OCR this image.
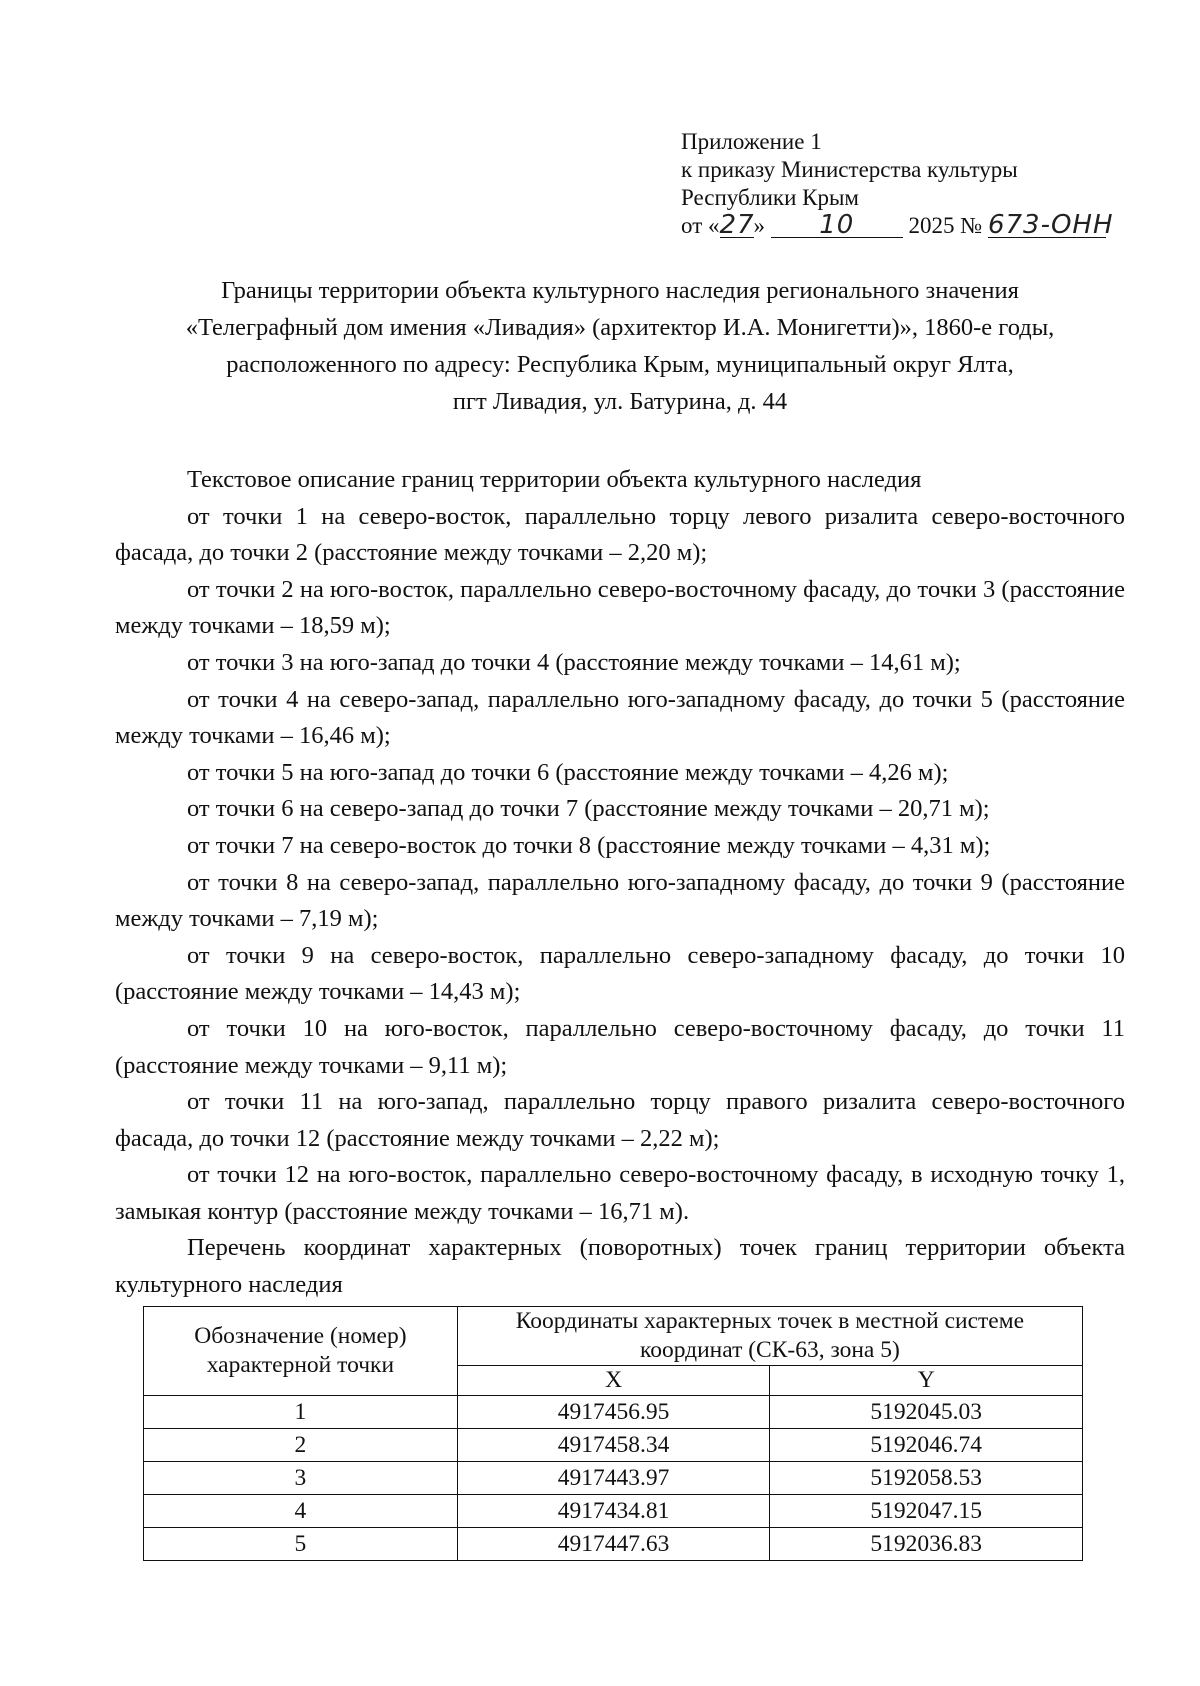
Приложение 1
к приказу Министерства культуры
Республики Крым
от «27» 10 2025 № 673-ОНН
Границы территории объекта культурного наследия регионального значения
«Телеграфный дом имения «Ливадия» (архитектор И.А. Монигетти)», 1860-е годы,
расположенного по адресу: Республика Крым, муниципальный округ Ялта,
пгт Ливадия, ул. Батурина, д. 44

Текстовое описание границ территории объекта культурного наследия

от точки 1 на северо-восток, параллельно торцу левого ризалита северо-восточного фасада, до точки 2 (расстояние между точками – 2,20 м);

от точки 2 на юго-восток, параллельно северо-восточному фасаду, до точки 3 (расстояние между точками – 18,59 м);

от точки 3 на юго-запад до точки 4 (расстояние между точками – 14,61 м);

от точки 4 на северо-запад, параллельно юго-западному фасаду, до точки 5 (расстояние между точками – 16,46 м);

от точки 5 на юго-запад до точки 6 (расстояние между точками – 4,26 м);

от точки 6 на северо-запад до точки 7 (расстояние между точками – 20,71 м);

от точки 7 на северо-восток до точки 8 (расстояние между точками – 4,31 м);

от точки 8 на северо-запад, параллельно юго-западному фасаду, до точки 9 (расстояние между точками – 7,19 м);

от точки 9 на северо-восток, параллельно северо-западному фасаду, до точки 10 (расстояние между точками – 14,43 м);

от точки 10 на юго-восток, параллельно северо-восточному фасаду, до точки 11 (расстояние между точками – 9,11 м);

от точки 11 на юго-запад, параллельно торцу правого ризалита северо-восточного фасада, до точки 12 (расстояние между точками – 2,22 м);

от точки 12 на юго-восток, параллельно северо-восточному фасаду, в исходную точку 1, замыкая контур (расстояние между точками – 16,71 м).

Перечень координат характерных (поворотных) точек границ территории объекта культурного наследия

Обозначение (номер) характерной точки	Координаты характерных точек в местной системе координат (СК-63, зона 5)	
	X	Y
1	4917456.95	5192045.03
2	4917458.34	5192046.74
3	4917443.97	5192058.53
4	4917434.81	5192047.15
5	4917447.63	5192036.83
